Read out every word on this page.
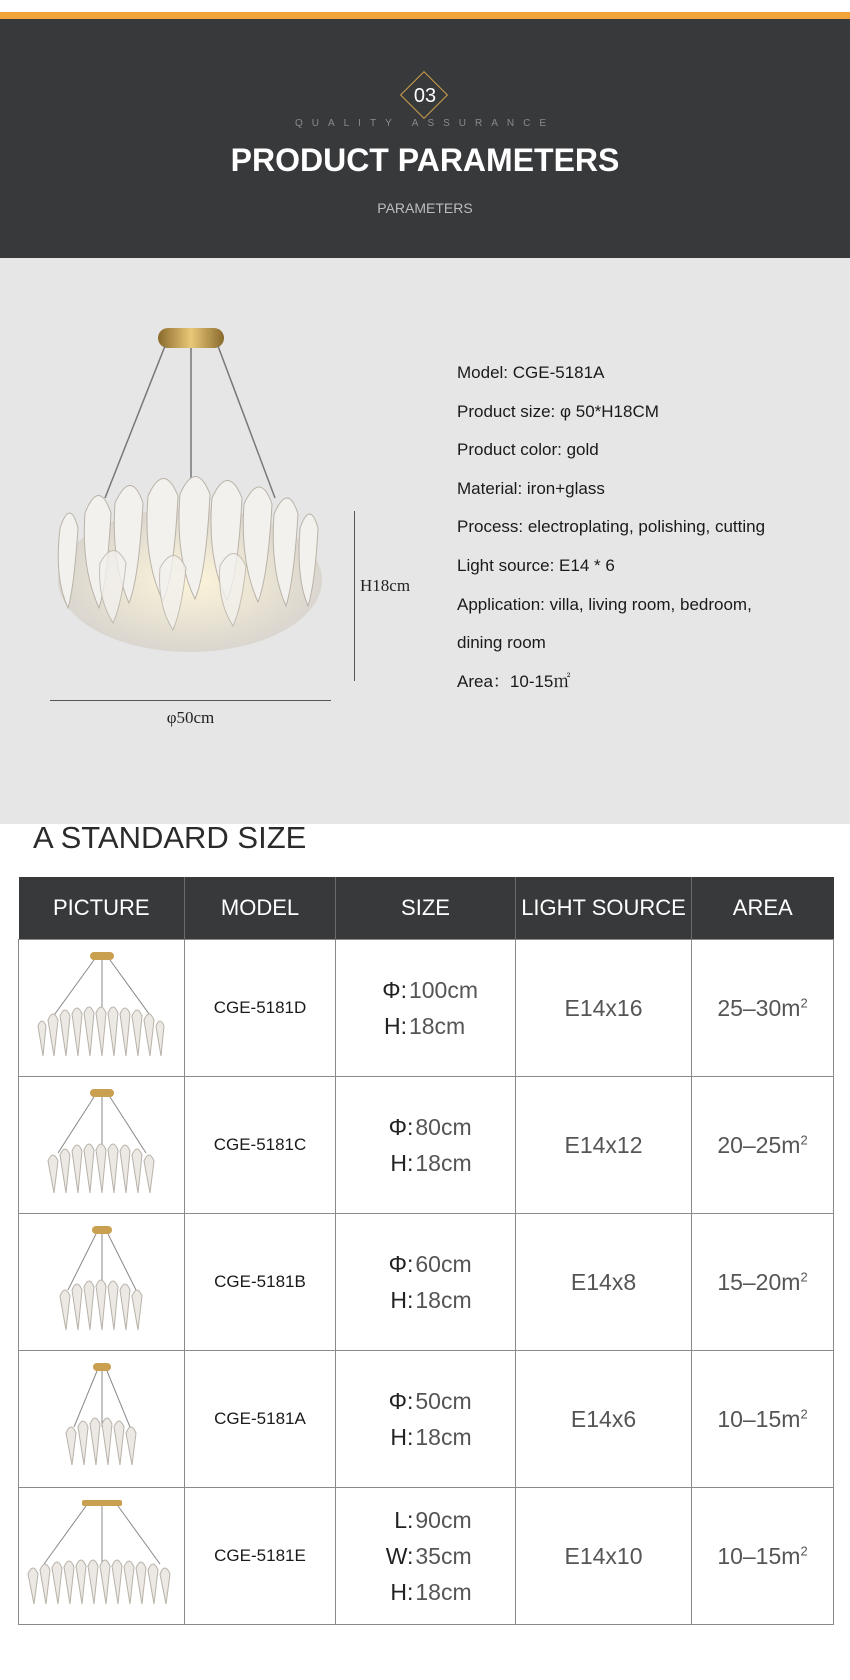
03
QUALITY ASSURANCE
PRODUCT PARAMETERS
PARAMETERS
H18cm
φ50cm
Model: CGE-5181A
Product size: φ 50*H18CM
Product color: gold
Material: iron+glass
Process: electroplating, polishing, cutting
Light source: E14 * 6
Application: villa, living room, bedroom,
dining room
Area：10-15㎡
A STANDARD SIZE
PICTURE	MODEL	SIZE	LIGHT SOURCE	AREA
	CGE-5181D	Φ:100cm
H:18cm	E14x16	$25-30m^2$
	CGE-5181C	Φ:80cm
H:18cm	E14x12	$20-25m^2$
	CGE-5181B	Φ:60cm
H:18cm	E14x8	$15-20m^2$
	CGE-5181A	Φ:50cm
H:18cm	E14x6	$10-15m^2$
	CGE-5181E	L:90cm
W:35cm
H:18cm	E14x10	$10-15m^2$
